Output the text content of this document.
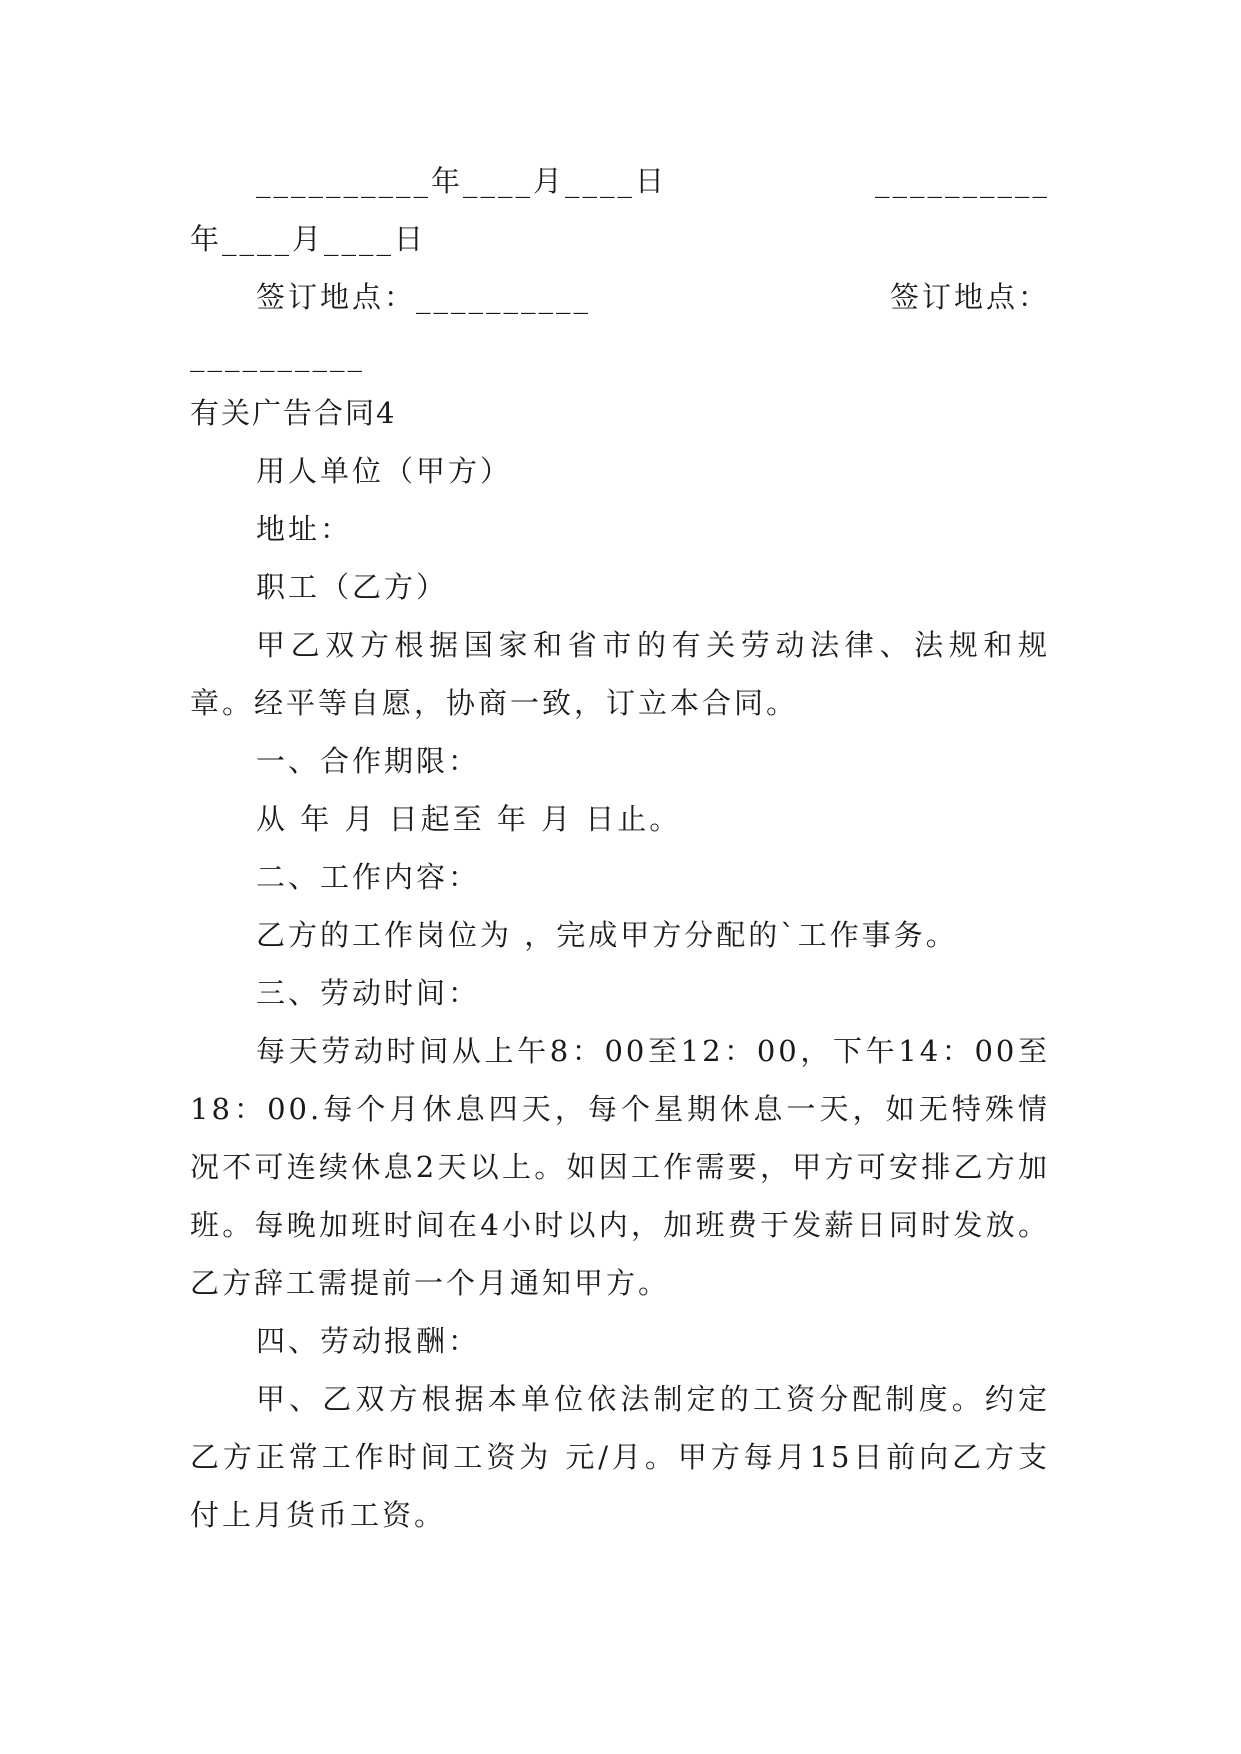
__________年____月____日	__________
年____月____日
签订地点：__________	签订地点：
__________
有关广告合同4
用人单位（甲方）
地址：
职工（乙方）
甲乙双方根据国家和省市的有关劳动法律、法规和规章。经平等自愿，协商一致，订立本合同。
一、合作期限：
从 年 月 日起至 年 月 日止。
二、工作内容：
乙方的工作岗位为 ，完成甲方分配的`工作事务。
三、劳动时间：
每天劳动时间从上午8：00至12：00，下午14：00至18：00.每个月休息四天，每个星期休息一天，如无特殊情况不可连续休息2天以上。如因工作需要，甲方可安排乙方加班。每晚加班时间在4小时以内，加班费于发薪日同时发放。 乙方辞工需提前一个月通知甲方。
四、劳动报酬：
甲、乙双方根据本单位依法制定的工资分配制度。约定乙方正常工作时间工资为 元/月。甲方每月15日前向乙方支付上月货币工资。
